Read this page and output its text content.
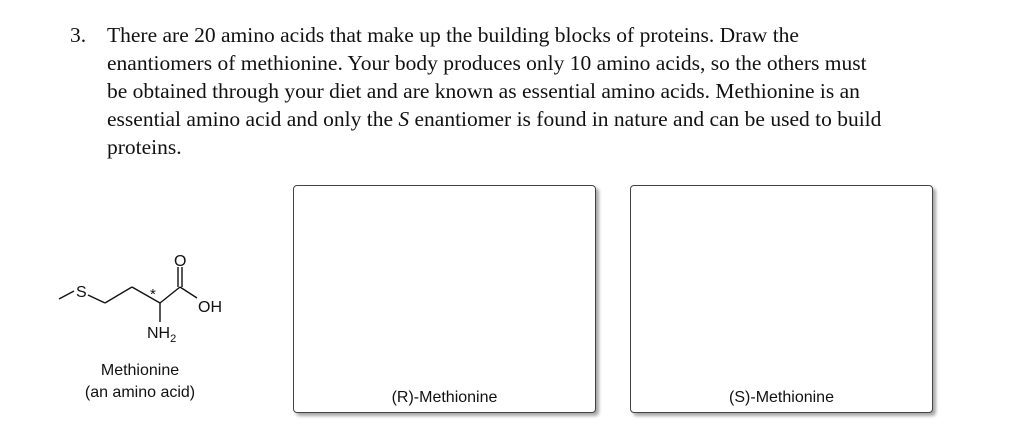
3. There are 20 amino acids that make up the building blocks of proteins. Draw the
enantiomers of methionine. Your body produces only 10 amino acids, so the others must
be obtained through your diet and are known as essential amino acids. Methionine is an
essential amino acid and only the S enantiomer is found in nature and can be used to build
proteins.
S	*
O
OH
$NH_2$
Methionine
(an amino acid)	(R)-Methionine	(S)-Methionine
